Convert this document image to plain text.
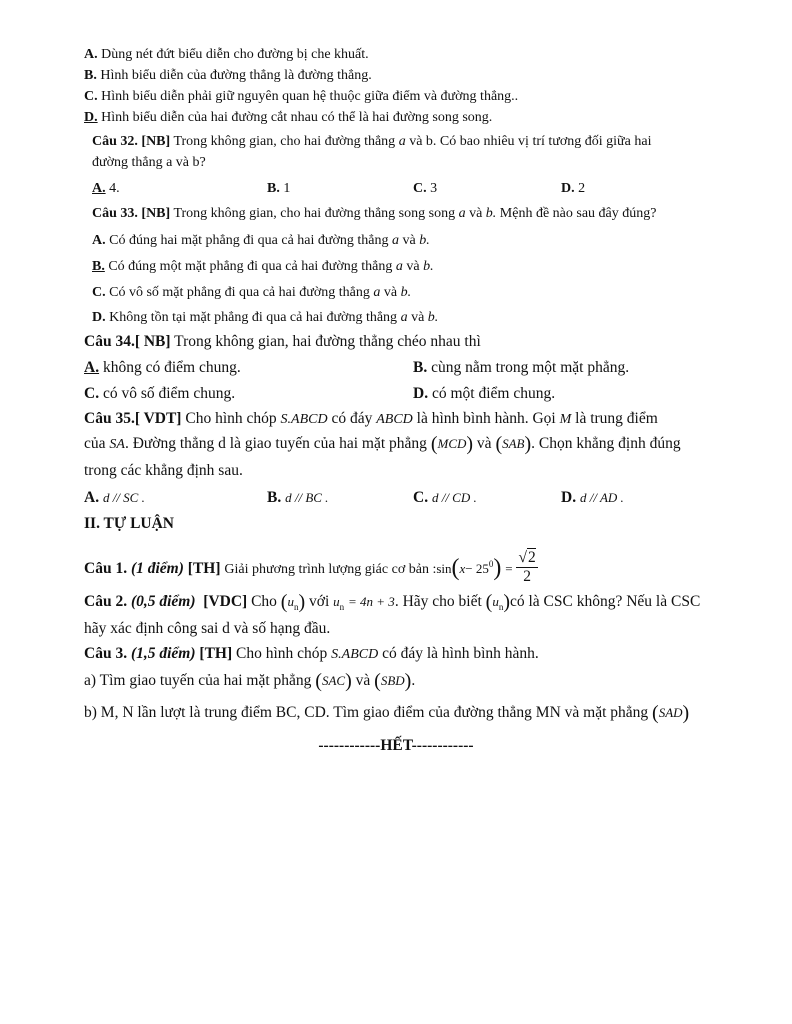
A. Dùng nét đứt biểu diễn cho đường bị che khuất.
B. Hình biểu diễn của đường thẳng là đường thẳng.
C. Hình biểu diễn phải giữ nguyên quan hệ thuộc giữa điểm và đường thẳng..
D. Hình biểu diễn của hai đường cắt nhau có thể là hai đường song song.
Câu 32. [NB] Trong không gian, cho hai đường thẳng a và b. Có bao nhiêu vị trí tương đối giữa hai
đường thẳng a và b?
A. 4.	B. 1	C. 3	D. 2
Câu 33. [NB] Trong không gian, cho hai đường thẳng song song a và b. Mệnh đề nào sau đây đúng?
A. Có đúng hai mặt phẳng đi qua cả hai đường thẳng a và b.
B. Có đúng một mặt phẳng đi qua cả hai đường thẳng a và b.
C. Có vô số mặt phẳng đi qua cả hai đường thẳng a và b.
D. Không tồn tại mặt phẳng đi qua cả hai đường thẳng a và b.
Câu 34.[ NB] Trong không gian, hai đường thẳng chéo nhau thì
A. không có điểm chung.	B. cùng nằm trong một mặt phẳng.
C. có vô số điểm chung.	D. có một điểm chung.
Câu 35.[ VDT] Cho hình chóp S.ABCD có đáy ABCD là hình bình hành. Gọi M là trung điểm
của SA. Đường thẳng d là giao tuyến của hai mặt phẳng (MCD) và (SAB). Chọn khẳng định đúng
trong các khẳng định sau.
A. d // SC .	B. d // BC .	C. d // CD .	D. d // AD .
II. TỰ LUẬN
Câu 1. (1 điểm) [TH] Giải phương trình lượng giác cơ bản :sin(x− $25^0) = \frac{√2}{2}$
Câu 2. (0,5 điểm) [VDC] Cho $(u_n)$ với $u_n = 4n + 3$. Hãy cho biết $(u_n)có$ là CSC không? Nếu là CSC
hãy xác định công sai d và số hạng đầu.
Câu 3. (1,5 điểm) [TH] Cho hình chóp S.ABCD có đáy là hình bình hành.
a) Tìm giao tuyến của hai mặt phẳng (SAC) và (SBD).
b) M, N lần lượt là trung điểm BC, CD. Tìm giao điểm của đường thẳng MN và mặt phẳng (SAD)
------------HẾT------------
